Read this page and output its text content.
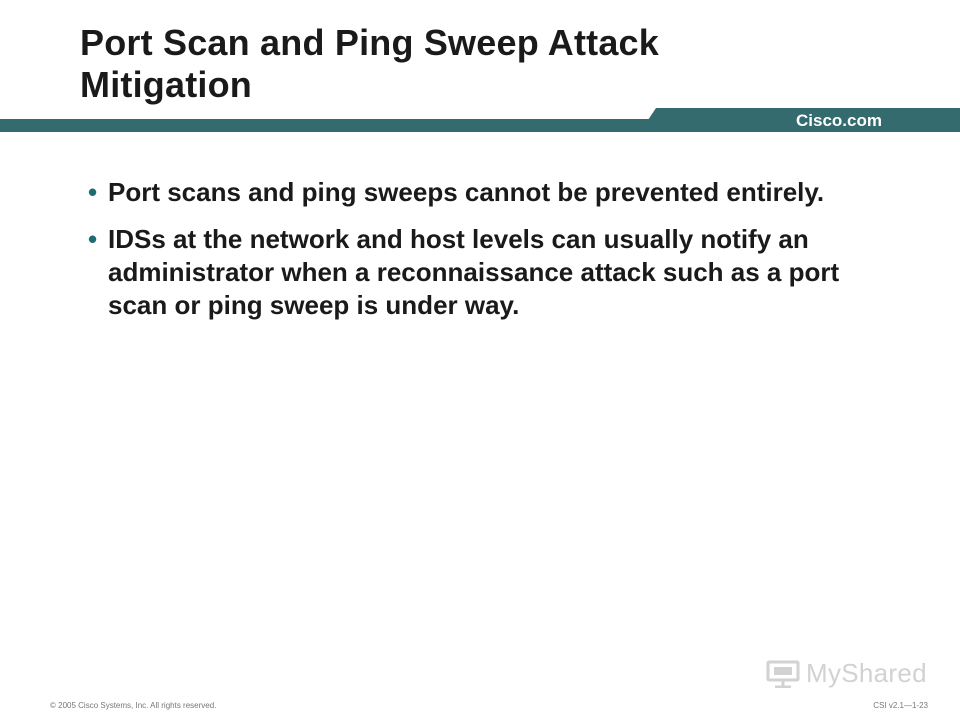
Port Scan and Ping Sweep Attack
Mitigation
Cisco.com
• Port scans and ping sweeps cannot be prevented entirely.
• IDSs at the network and host levels can usually notify an administrator when a reconnaissance attack such as a port scan or ping sweep is under way.
MyShared
© 2005 Cisco Systems, Inc. All rights reserved.	CSI v2.1—1-23
